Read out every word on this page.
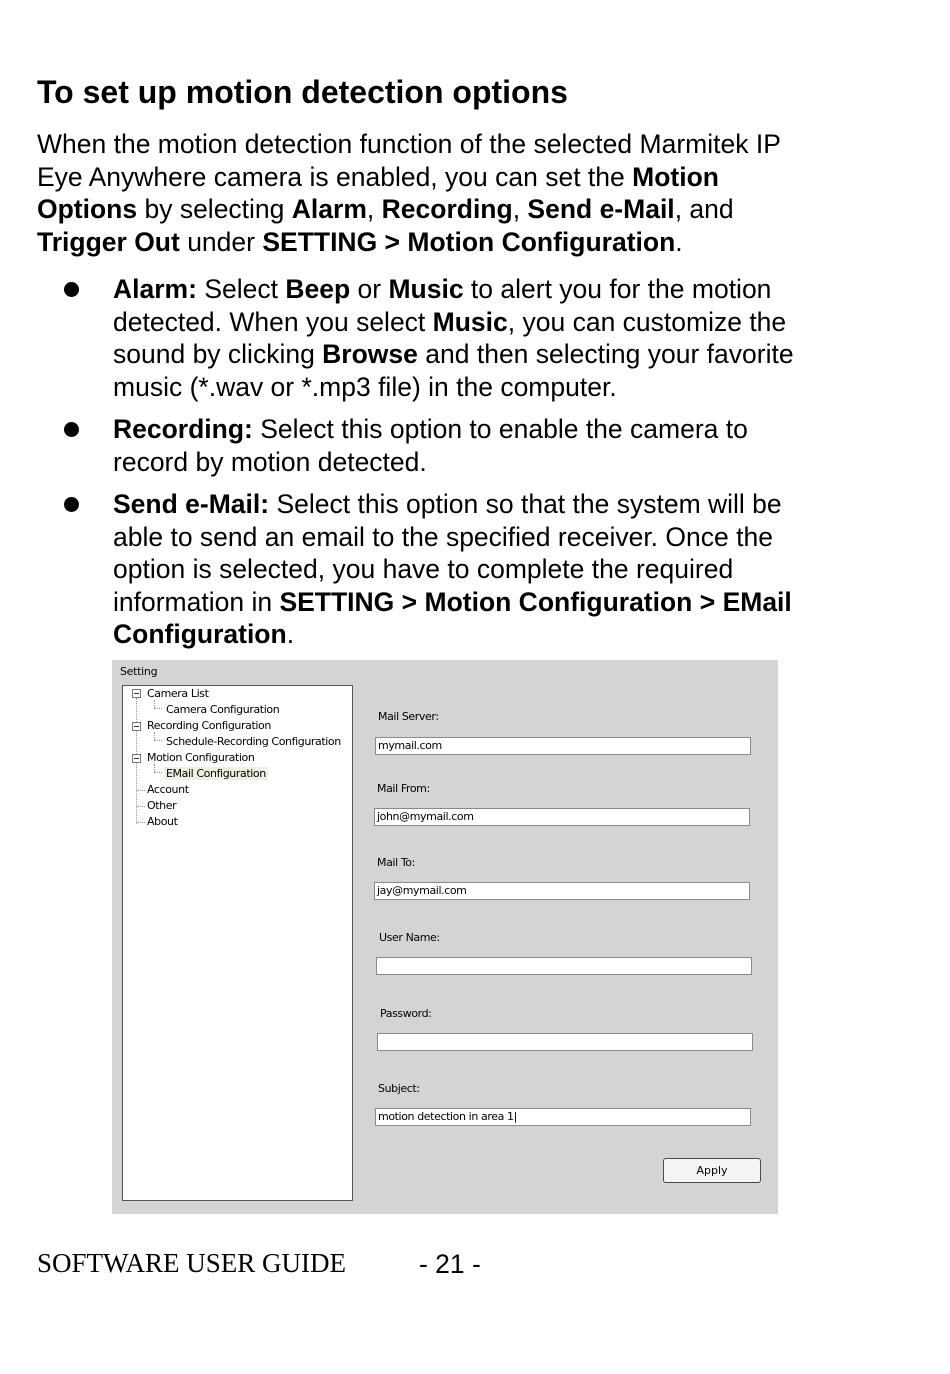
To set up motion detection options

When the motion detection function of the selected Marmitek IP

Eye Anywhere camera is enabled, you can set the Motion

Options by selecting Alarm, Recording, Send e-Mail, and

Trigger Out under SETTING > Motion Configuration.

Alarm: Select Beep or Music to alert you for the motion

detected. When you select Music, you can customize the

sound by clicking Browse and then selecting your favorite

music (*.wav or *.mp3 file) in the computer.

Recording: Select this option to enable the camera to

record by motion detected.

Send e-Mail: Select this option so that the system will be

able to send an email to the specified receiver. Once the

option is selected, you have to complete the required

information in SETTING > Motion Configuration > EMail

Configuration.

Setting
Camera List
Camera Configuration
Recording Configuration
Schedule-Recording Configuration
Motion Configuration
EMail Configuration
Account
Other
About
Mail Server:
mymail.com
Mail From:
john@mymail.com
Mail To:
jay@mymail.com
User Name:
Password:
Subject:
motion detection in area 1|
Apply
SOFTWARE USER GUIDE	- 21 -
